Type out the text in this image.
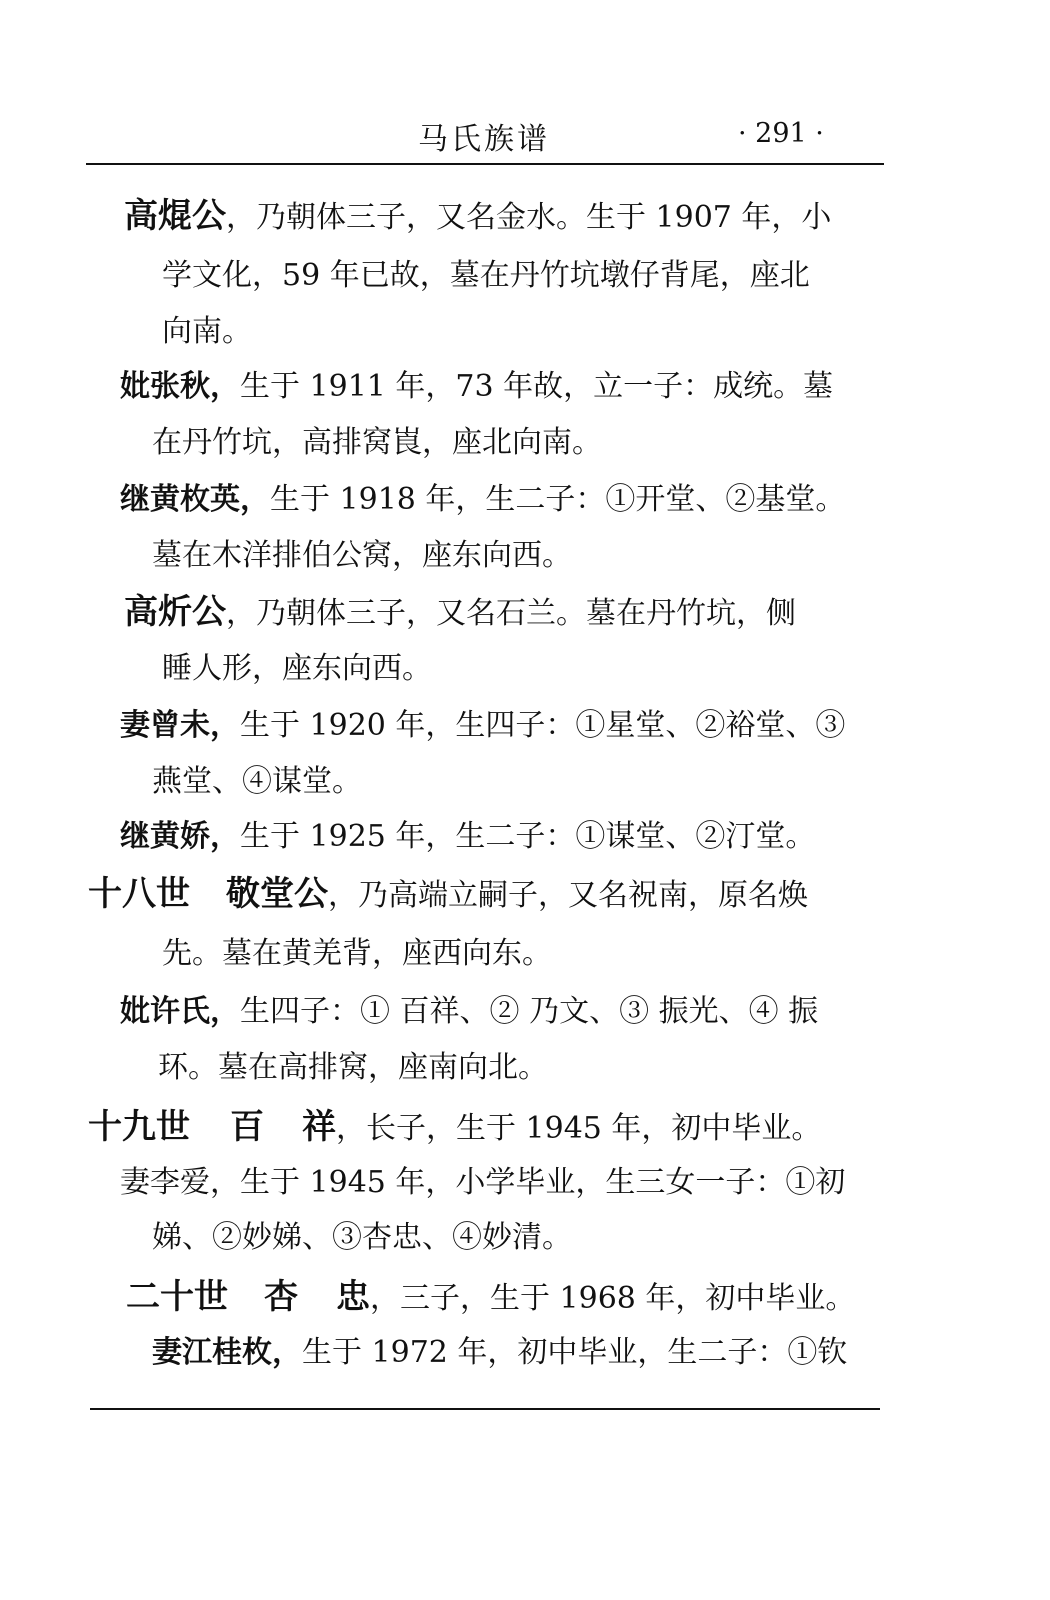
马氏族谱	· 291 ·
高焜公，乃朝体三子，又名金水。生于 1907 年，小
学文化，59 年已故，墓在丹竹坑墩仔背尾，座北
向南。
妣张秋，生于 1911 年，73 年故，立一子：成统。墓
在丹竹坑，高排窝崀，座北向南。
继黄枚英，生于 1918 年，生二子：①开堂、②基堂。
墓在木洋排伯公窝，座东向西。
高炘公，乃朝体三子，又名石兰。墓在丹竹坑，侧
睡人形，座东向西。
妻曾未，生于 1920 年，生四子：①星堂、②裕堂、③
燕堂、④谋堂。
继黄娇，生于 1925 年，生二子：①谋堂、②汀堂。
十八世 敬堂公，乃高端立嗣子，又名祝南，原名焕
先。墓在黄羌背，座西向东。
妣许氏，生四子：① 百祥、② 乃文、③ 振光、④ 振
环。墓在高排窝，座南向北。
十九世 百 祥，长子，生于 1945 年，初中毕业。
妻李爱，生于 1945 年，小学毕业，生三女一子：①初
娣、②妙娣、③杏忠、④妙清。
二十世 杏 忠，三子，生于 1968 年，初中毕业。
妻江桂枚，生于 1972 年，初中毕业，生二子：①钦
